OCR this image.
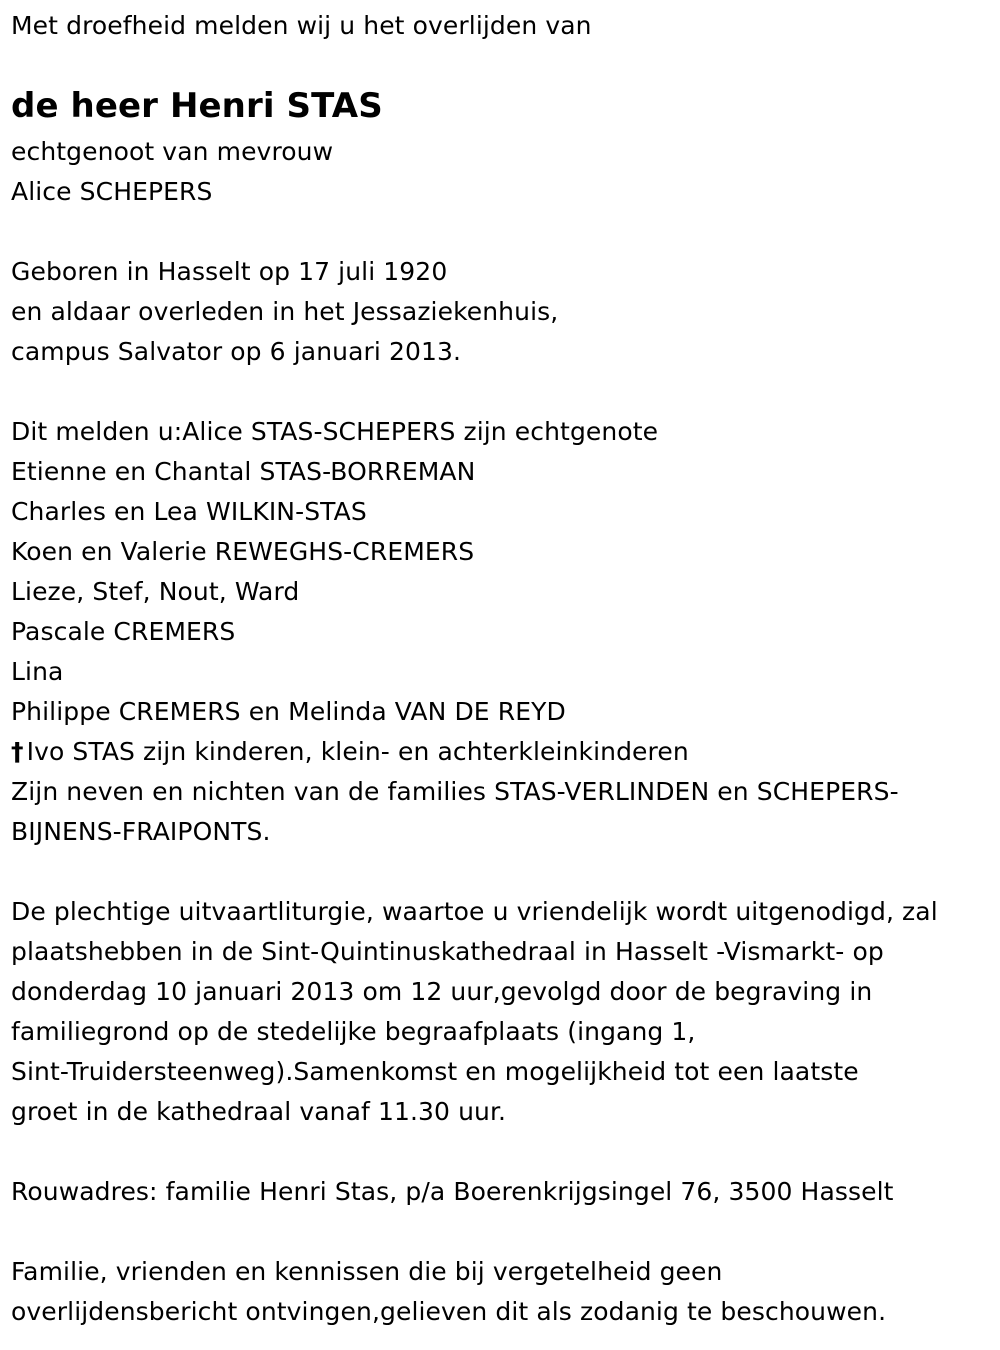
Met droefheid melden wij u het overlijden van
de heer Henri STAS
echtgenoot van mevrouw
Alice SCHEPERS
Geboren in Hasselt op 17 juli 1920
en aldaar overleden in het Jessaziekenhuis,
campus Salvator op 6 januari 2013.
Dit melden u:Alice STAS-SCHEPERS zijn echtgenote
Etienne en Chantal STAS-BORREMAN
Charles en Lea WILKIN-STAS
Koen en Valerie REWEGHS-CREMERS
Lieze, Stef, Nout, Ward
Pascale CREMERS
Lina
Philippe CREMERS en Melinda VAN DE REYD
† Ivo STAS zijn kinderen, klein- en achterkleinkinderen
Zijn neven en nichten van de families STAS-VERLINDEN en SCHEPERS-
BIJNENS-FRAIPONTS.
De plechtige uitvaartliturgie, waartoe u vriendelijk wordt uitgenodigd, zal
plaatshebben in de Sint-Quintinuskathedraal in Hasselt -Vismarkt- op
donderdag 10 januari 2013 om 12 uur,gevolgd door de begraving in
familiegrond op de stedelijke begraafplaats (ingang 1,
Sint-Truidersteenweg).Samenkomst en mogelijkheid tot een laatste
groet in de kathedraal vanaf 11.30 uur.
Rouwadres: familie Henri Stas, p/a Boerenkrijgsingel 76, 3500 Hasselt
Familie, vrienden en kennissen die bij vergetelheid geen
overlijdensbericht ontvingen,gelieven dit als zodanig te beschouwen.
